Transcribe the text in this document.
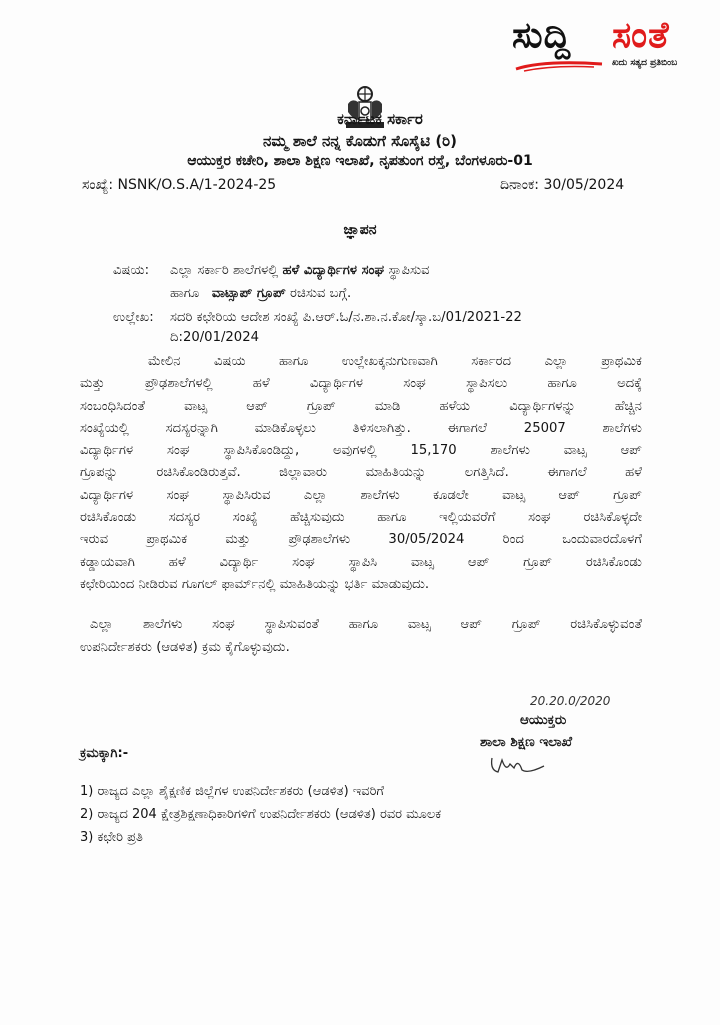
ಸುದ್ದಿ ಸಂತೆ
ಖದು ಸತ್ಯದ ಪ್ರತಿಬಿಂಬ
ಕರ್ನಾಟಕ ಸರ್ಕಾರ
ನಮ್ಮ ಶಾಲೆ ನನ್ನ ಕೊಡುಗೆ ಸೊಸೈಟಿ (ರಿ)
ಆಯುಕ್ತರ ಕಚೇರಿ, ಶಾಲಾ ಶಿಕ್ಷಣ ಇಲಾಖೆ, ನೃಪತುಂಗ ರಸ್ತೆ, ಬೆಂಗಳೂರು-01
ಸಂಖ್ಯೆ: NSNK/O.S.A/1-2024-25	ದಿನಾಂಕ: 30/05/2024
ಜ್ಞಾಪನ
ವಿಷಯ: ಎಲ್ಲಾ ಸರ್ಕಾರಿ ಶಾಲೆಗಳಲ್ಲಿ ಹಳೆ ವಿದ್ಯಾರ್ಥಿಗಳ ಸಂಘ ಸ್ಥಾಪಿಸುವ
ಹಾಗೂ ವಾಟ್ಸಾಪ್ ಗ್ರೂಪ್ ರಚಿಸುವ ಬಗ್ಗೆ.
ಉಲ್ಲೇಖ: ಸದರಿ ಕಛೇರಿಯ ಆದೇಶ ಸಂಖ್ಯೆ ಪಿ.ಆರ್.ಓ/ನ.ಶಾ.ನ.ಕೋ/ಸ್ಕಾ.ಬ/01/2021-22
ದಿ:20/01/2024

ಮೇಲಿನ ವಿಷಯ ಹಾಗೂ ಉಲ್ಲೇಖಕ್ಕನುಗುಣವಾಗಿ ಸರ್ಕಾರದ ಎಲ್ಲಾ ಪ್ರಾಥಮಿಕ
ಮತ್ತು ಪ್ರೌಢಶಾಲೆಗಳಲ್ಲಿ ಹಳೆ ವಿದ್ಯಾರ್ಥಿಗಳ ಸಂಘ ಸ್ಥಾಪಿಸಲು ಹಾಗೂ ಅದಕ್ಕೆ
ಸಂಬಂಧಿಸಿದಂತೆ ವಾಟ್ಸ ಆಪ್ ಗ್ರೂಪ್ ಮಾಡಿ ಹಳೆಯ ವಿದ್ಯಾರ್ಥಿಗಳನ್ನು ಹೆಚ್ಚಿನ
ಸಂಖ್ಯೆಯಲ್ಲಿ ಸದಸ್ಯರನ್ನಾಗಿ ಮಾಡಿಕೊಳ್ಳಲು ತಿಳಿಸಲಾಗಿತ್ತು. ಈಗಾಗಲೆ 25007 ಶಾಲೆಗಳು
ವಿದ್ಯಾರ್ಥಿಗಳ ಸಂಘ ಸ್ಥಾಪಿಸಿಕೊಂಡಿದ್ದು, ಅವುಗಳಲ್ಲಿ 15,170 ಶಾಲೆಗಳು ವಾಟ್ಸ ಆಪ್
ಗ್ರೂಪನ್ನು ರಚಿಸಿಕೊಂಡಿರುತ್ತವೆ. ಜಿಲ್ಲಾವಾರು ಮಾಹಿತಿಯನ್ನು ಲಗತ್ತಿಸಿದೆ. ಈಗಾಗಲೆ ಹಳೆ
ವಿದ್ಯಾರ್ಥಿಗಳ ಸಂಘ ಸ್ಥಾಪಿಸಿರುವ ಎಲ್ಲಾ ಶಾಲೆಗಳು ಕೂಡಲೇ ವಾಟ್ಸ ಆಪ್ ಗ್ರೂಪ್
ರಚಿಸಿಕೊಂಡು ಸದಸ್ಯರ ಸಂಖ್ಯೆ ಹೆಚ್ಚಿಸುವುದು ಹಾಗೂ ಇಲ್ಲಿಯವರೆಗೆ ಸಂಘ ರಚಿಸಿಕೊಳ್ಳದೇ
ಇರುವ ಪ್ರಾಥಮಿಕ ಮತ್ತು ಪ್ರೌಢಶಾಲೆಗಳು 30/05/2024 ರಿಂದ ಒಂದುವಾರದೊಳಗೆ
ಕಡ್ಡಾಯವಾಗಿ ಹಳೆ ವಿದ್ಯಾರ್ಥಿ ಸಂಘ ಸ್ಥಾಪಿಸಿ ವಾಟ್ಸ ಆಪ್ ಗ್ರೂಪ್ ರಚಿಸಿಕೊಂಡು
ಕಛೇರಿಯಿಂದ ನೀಡಿರುವ ಗೂಗಲ್ ಫಾರ್ಮ್‌ನಲ್ಲಿ ಮಾಹಿತಿಯನ್ನು ಭರ್ತಿ ಮಾಡುವುದು.

ಎಲ್ಲಾ ಶಾಲೆಗಳು ಸಂಘ ಸ್ಥಾಪಿಸುವಂತೆ ಹಾಗೂ ವಾಟ್ಸ ಆಪ್ ಗ್ರೂಪ್ ರಚಿಸಿಕೊಳ್ಳುವಂತೆ
ಉಪನಿರ್ದೇಶಕರು (ಆಡಳಿತ) ಕ್ರಮ ಕೈಗೊಳ್ಳುವುದು.

20.20.0/2020
ಆಯುಕ್ತರು
ಶಾಲಾ ಶಿಕ್ಷಣ ಇಲಾಖೆ
ಕ್ರಮಕ್ಕಾಗಿ:-
1) ರಾಜ್ಯದ ಎಲ್ಲಾ ಶೈಕ್ಷಣಿಕ ಜಿಲ್ಲೆಗಳ ಉಪನಿರ್ದೇಶಕರು (ಆಡಳಿತ) ಇವರಿಗೆ
2) ರಾಜ್ಯದ 204 ಕ್ಷೇತ್ರಶಿಕ್ಷಣಾಧಿಕಾರಿಗಳಿಗೆ ಉಪನಿರ್ದೇಶಕರು (ಆಡಳಿತ) ರವರ ಮೂಲಕ
3) ಕಛೇರಿ ಪ್ರತಿ
